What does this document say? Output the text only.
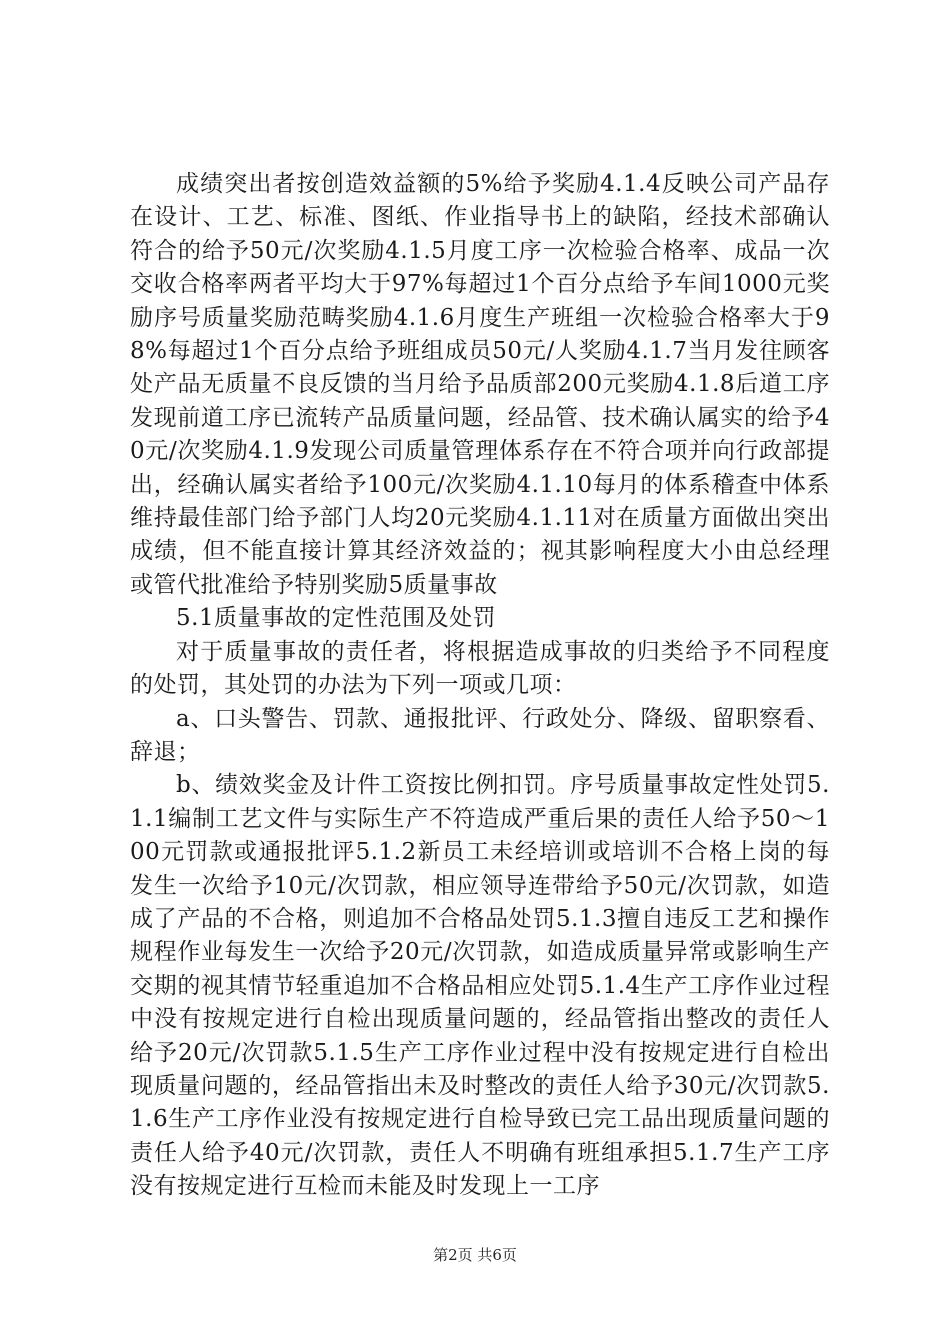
成绩突出者按创造效益额的5%给予奖励4.1.4反映公司产品存在设计、工艺、标准、图纸、作业指导书上的缺陷，经技术部确认符合的给予50元/次奖励4.1.5月度工序一次检验合格率、成品一次交收合格率两者平均大于97%每超过1个百分点给予车间1000元奖励序号质量奖励范畴奖励4.1.6月度生产班组一次检验合格率大于98%每超过1个百分点给予班组成员50元/人奖励4.1.7当月发往顾客处产品无质量不良反馈的当月给予品质部200元奖励4.1.8后道工序发现前道工序已流转产品质量问题，经品管、技术确认属实的给予40元/次奖励4.1.9发现公司质量管理体系存在不符合项并向行政部提出，经确认属实者给予100元/次奖励4.1.10每月的体系稽查中体系维持最佳部门给予部门人均20元奖励4.1.11对在质量方面做出突出成绩，但不能直接计算其经济效益的；视其影响程度大小由总经理或管代批准给予特别奖励5质量事故

5.1质量事故的定性范围及处罚

对于质量事故的责任者，将根据造成事故的归类给予不同程度的处罚，其处罚的办法为下列一项或几项：

a、口头警告、罚款、通报批评、行政处分、降级、留职察看、辞退；

b、绩效奖金及计件工资按比例扣罚。序号质量事故定性处罚5.1.1编制工艺文件与实际生产不符造成严重后果的责任人给予50～100元罚款或通报批评5.1.2新员工未经培训或培训不合格上岗的每发生一次给予10元/次罚款，相应领导连带给予50元/次罚款，如造成了产品的不合格，则追加不合格品处罚5.1.3擅自违反工艺和操作规程作业每发生一次给予20元/次罚款，如造成质量异常或影响生产交期的视其情节轻重追加不合格品相应处罚5.1.4生产工序作业过程中没有按规定进行自检出现质量问题的，经品管指出整改的责任人给予20元/次罚款5.1.5生产工序作业过程中没有按规定进行自检出现质量问题的，经品管指出未及时整改的责任人给予30元/次罚款5.1.6生产工序作业没有按规定进行自检导致已完工品出现质量问题的责任人给予40元/次罚款，责任人不明确有班组承担5.1.7生产工序没有按规定进行互检而未能及时发现上一工序

第2页 共6页
